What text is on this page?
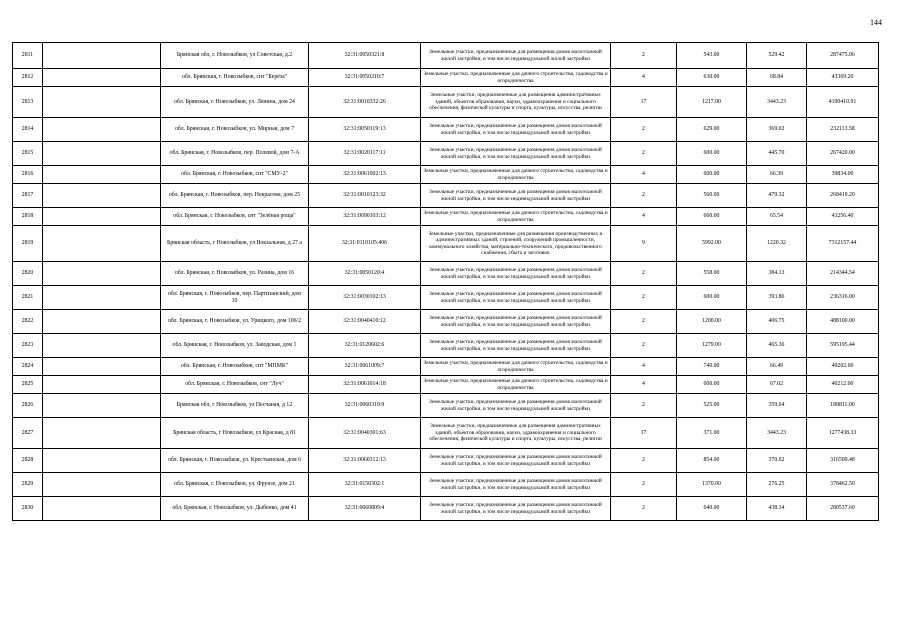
144
2811		Брянская обл, г. Новозыбков, ул Советская, д.2	32:31:0050321:8	Земельные участки, предназначенные для размещения домов малоэтажной жилой застройки, в том числе индивидуальной жилой застройки	2	543.00	529.42	287475.06
2812		обл. Брянская, г. Новозыбков, снт "Берёза"	32:31:0050210:7	Земельные участки, предназначенные для дачного строительства, садоводства и огородничества	4	630.00	68.84	43369.20
2813		обл. Брянская, г. Новозыбков, ул. Ленина, дом 24	32:31:0010332:26	Земельные участки, предназначенные для размещения административных зданий, объектов образования, науки, здравоохранения и социального обеспечения, физической культуры и спорта, культуры, искусства, религии	17	1217.00	3443.23	4190410.91
2814		обл. Брянская, г. Новозыбков, ул. Мирная, дом 7	32:31:0050119:13	Земельные участки, предназначенные для размещения домов малоэтажной жилой застройки, в том числе индивидуальной жилой застройки	2	629.00	369.02	232113.58
2815		обл. Брянская, г. Новозыбков, пер. Полевой, дом 7-А	32:31:0020117:11	Земельные участки, предназначенные для размещения домов малоэтажной жилой застройки, в том числе индивидуальной жилой застройки	2	600.00	445.70	267420.00
2816		обл. Брянская, г. Новозыбков, снт "СМУ-2"	32:31:0061002:13	Земельные участки, предназначенные для дачного строительства, садоводства и огородничества	4	600.00	66.39	39834.00
2817		обл. Брянская, г. Новозыбков, пер. Некрасова, дом 25	32:31:0010123:32	Земельные участки, предназначенные для размещения домов малоэтажной жилой застройки, в том числе индивидуальной жилой застройки	2	560.00	479.32	268419.20
2818		обл. Брянская, г. Новозыбков, снт "Зелёная роща"	32:31:0090103:12	Земельные участки, предназначенные для дачного строительства, садоводства и огородничества	4	660.00	65.54	43256.40
2819		Брянская область, г Новозыбков, ул Вокзальная, д 27 а	32:31:0110105:406	Земельные участки, предназначенные для размещения производственных и административных зданий, строений, сооружений промышленности, коммунального хозяйства, материально-технического, продовольственного снабжения, сбыта и заготовок	9	5992.00	1220.32	7312157.44
2820		обл. Брянская, г. Новозыбков, ул. Разина, дом 16	32:31:0050120:4	Земельные участки, предназначенные для размещения домов малоэтажной жилой застройки, в том числе индивидуальной жилой застройки	2	558.00	384.13	214344.54
2821		обл. Брянская, г. Новозыбков, пер. Партизанский, дом 10	32:31:0030102:13	Земельные участки, предназначенные для размещения домов малоэтажной жилой застройки, в том числе индивидуальной жилой застройки	2	600.00	393.86	236316.00
2822		обл. Брянская, г. Новозыбков, ул. Урицкого, дом 106/2	32:31:0040410:12	Земельные участки, предназначенные для размещения домов малоэтажной жилой застройки, в том числе индивидуальной жилой застройки	2	1200.00	406.75	488100.00
2823		обл. Брянская, г. Новозыбков, ул. Заводская, дом 1	32:31:0120602:6	Земельные участки, предназначенные для размещения домов малоэтажной жилой застройки, в том числе индивидуальной жилой застройки	2	1279.00	465.36	595195.44
2824		обл. Брянская, г. Новозыбков, снт "МПМК"	32:31:0061009:7	Земельные участки, предназначенные для дачного строительства, садоводства и огородничества	4	740.00	66.49	49202.60
2825		обл. Брянская, г. Новозыбков, снт "Луч"	32:31:0061014:18	Земельные участки, предназначенные для дачного строительства, садоводства и огородничества	4	600.00	67.02	40212.00
2826		Брянская обл, г Новозыбков, ул Песчаная, д 12	32:31:0060310:9	Земельные участки, предназначенные для размещения домов малоэтажной жилой застройки, в том числе индивидуальной жилой застройки	2	525.00	359.64	188811.00
2827		Брянская область, г Новозыбков, ул Красная, д 81	32:31:0040301:63	Земельные участки, предназначенные для размещения административных зданий, объектов образования, науки, здравоохранения и социального обеспечения, физической культуры и спорта, культуры, искусства, религии	17	371.00	3443.23	1277438.33
2828		обл. Брянская, г. Новозыбков, ул. Крестьянская, дом 6	32:31:0060312:13	Земельные участки, предназначенные для размещения домов малоэтажной жилой застройки, в том числе индивидуальной жилой застройки	2	854.00	370.62	316509.48
2829		обл. Брянская, г. Новозыбков, ул. Фрунзе, дом 21	32:31:0150302:1	Земельные участки, предназначенные для размещения домов малоэтажной жилой застройки, в том числе индивидуальной жилой застройки	2	1370.00	276.25	378462.50
2830		обл. Брянская, г. Новозыбков, ул. Дыбенко, дом 41	32:31:0060809:4	Земельные участки, предназначенные для размещения домов малоэтажной жилой застройки, в том числе индивидуальной жилой застройки	2	640.00	438.34	280537.60
